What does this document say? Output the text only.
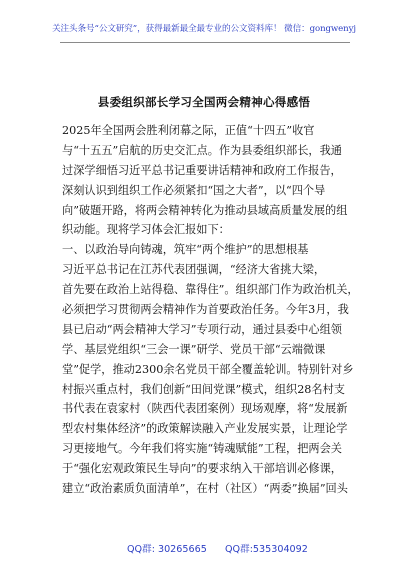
关注头条号“公文研究”，获得最新最全最专业的公文资料库！ 微信：gongwenyj
县委组织部长学习全国两会精神心得感悟
2025年全国两会胜利闭幕之际，正值“十四五”收官
与“十五五”启航的历史交汇点。作为县委组织部长，我通
过深学细悟习近平总书记重要讲话精神和政府工作报告，
深刻认识到组织工作必须紧扣“国之大者”，以“四个导
向”破题开路，将两会精神转化为推动县域高质量发展的组
织动能。现将学习体会汇报如下：
一、以政治导向铸魂，筑牢“两个维护”的思想根基
习近平总书记在江苏代表团强调，“经济大省挑大梁，
首先要在政治上站得稳、靠得住”。组织部门作为政治机关，
必须把学习贯彻两会精神作为首要政治任务。今年3月，我
县已启动“两会精神大学习”专项行动，通过县委中心组领
学、基层党组织“三会一课”研学、党员干部“云端微课
堂”促学，推动2300余名党员干部全覆盖轮训。特别针对乡
村振兴重点村，我们创新“田间党课”模式，组织28名村支
书代表在袁家村（陕西代表团案例）现场观摩，将“发展新
型农村集体经济”的政策解读融入产业发展实景，让理论学
习更接地气。今年我们将实施“铸魂赋能”工程，把两会关
于“强化宏观政策民生导向”的要求纳入干部培训必修课，
建立“政治素质负面清单”，在村（社区）“两委”换届”回头
QQ群: 30265665 QQ群:535304092
